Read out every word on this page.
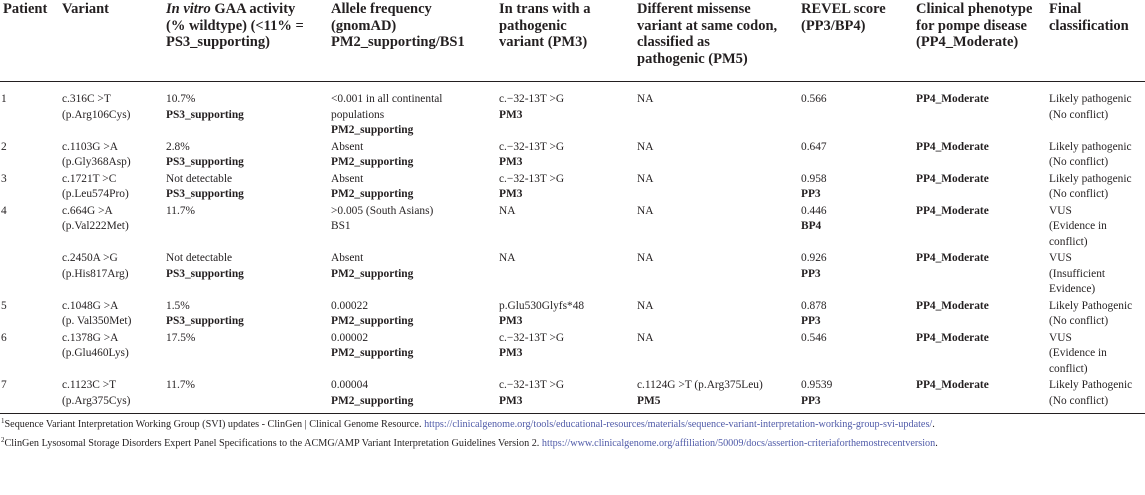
Patient	Variant	In vitro GAA activity
(% wildtype) (<11% =
PS3_supporting)	Allele frequency
(gnomAD)
PM2_supporting/BS1	In trans with a
pathogenic
variant (PM3)	Different missense
variant at same codon,
classified as
pathogenic (PM5)	REVEL score
(PP3/BP4)	Clinical phenotype
for pompe disease
(PP4_Moderate)	Final
classification

1	c.316C >T
(p.Arg106Cys)	10.7%
PS3_supporting	<0.001 in all continental
populations
PM2_supporting	c.−32-13T >G
PM3	NA	0.566	PP4_Moderate	Likely pathogenic
(No conflict)

2	c.1103G >A
(p.Gly368Asp)	2.8%
PS3_supporting	Absent
PM2_supporting	c.−32-13T >G
PM3	NA	0.647	PP4_Moderate	Likely pathogenic
(No conflict)

3	c.1721T >C
(p.Leu574Pro)	Not detectable
PS3_supporting	Absent
PM2_supporting	c.−32-13T >G
PM3	NA	0.958
PP3	PP4_Moderate	Likely pathogenic
(No conflict)

4	c.664G >A
(p.Val222Met)	11.7%	>0.005 (South Asians)
BS1	NA	NA	0.446
BP4	PP4_Moderate	VUS
(Evidence in
conflict)

	c.2450A >G
(p.His817Arg)	Not detectable
PS3_supporting	Absent
PM2_supporting	NA	NA	0.926
PP3	PP4_Moderate	VUS
(Insufficient
Evidence)

5	c.1048G >A
(p. Val350Met)	1.5%
PS3_supporting	0.00022
PM2_supporting	p.Glu530Glyfs*48
PM3	NA	0.878
PP3	PP4_Moderate	Likely Pathogenic
(No conflict)

6	c.1378G >A
(p.Glu460Lys)	17.5%	0.00002
PM2_supporting	c.−32-13T >G
PM3	NA	0.546	PP4_Moderate	VUS
(Evidence in
conflict)

7	c.1123C >T
(p.Arg375Cys)	11.7%	0.00004
PM2_supporting	c.−32-13T >G
PM3	c.1124G >T (p.Arg375Leu)
PM5	0.9539
PP3	PP4_Moderate	Likely Pathogenic
(No conflict)
$^1$Sequence Variant Interpretation Working Group (SVI) updates - ClinGen | Clinical Genome Resource. https://clinicalgenome.org/tools/educational-resources/materials/sequence-variant-interpretation-working-group-svi-updates/.
$^2$ClinGen Lysosomal Storage Disorders Expert Panel Specifications to the ACMG/AMP Variant Interpretation Guidelines Version 2. https://www.clinicalgenome.org/affiliation/50009/docs/assertion-criteriaforthemostrecentversion.
